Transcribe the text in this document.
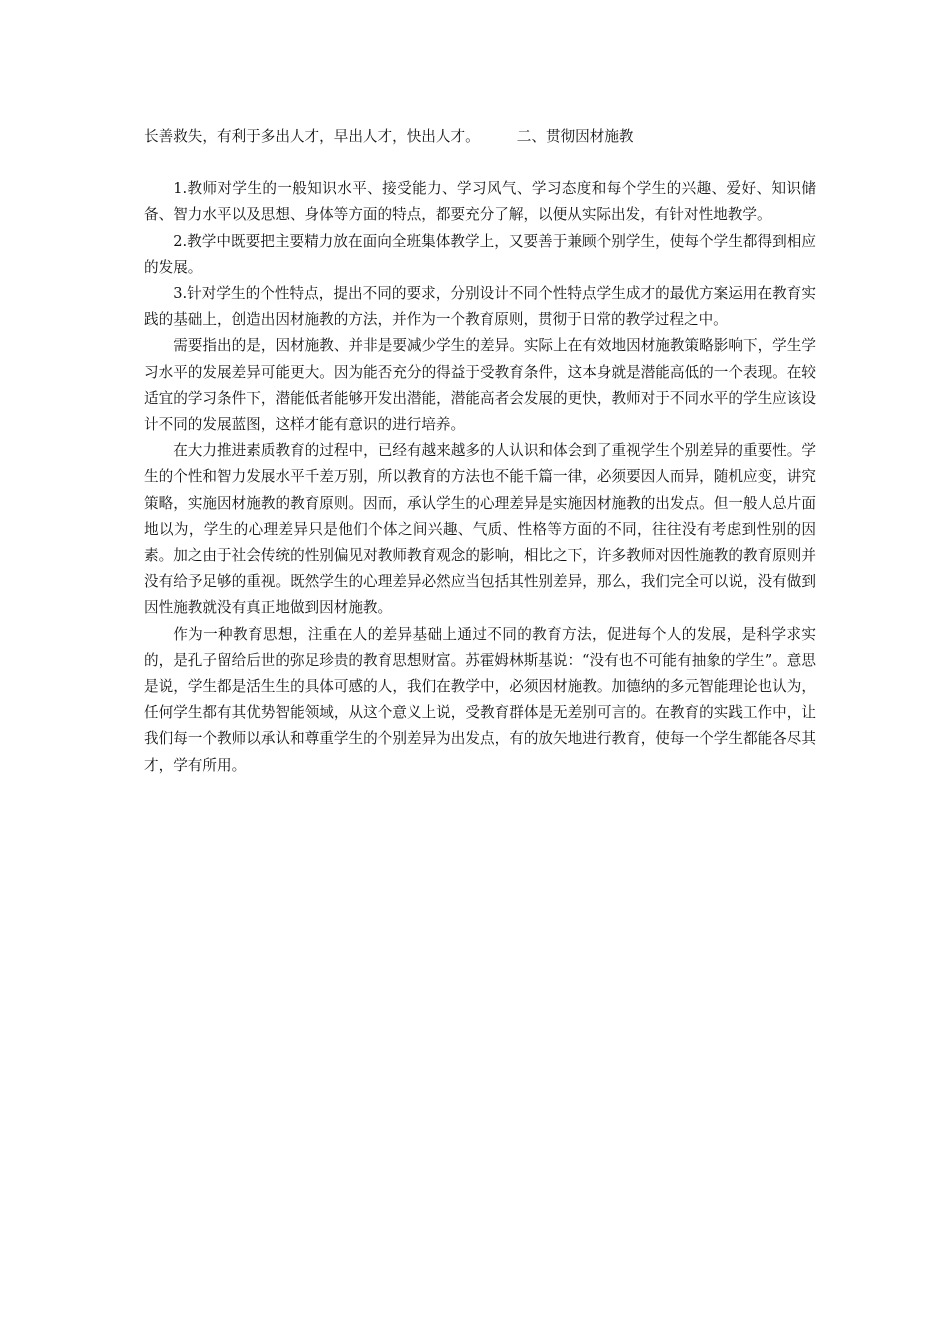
长善救失，有利于多出人才，早出人才，快出人才。        二、贯彻因材施教

1.教师对学生的一般知识水平、接受能力、学习风气、学习态度和每个学生的兴趣、爱好、知识储备、智力水平以及思想、身体等方面的特点，都要充分了解，以便从实际出发，有针对性地教学。

2.教学中既要把主要精力放在面向全班集体教学上，又要善于兼顾个别学生，使每个学生都得到相应的发展。

3.针对学生的个性特点，提出不同的要求，分别设计不同个性特点学生成才的最优方案运用在教育实践的基础上，创造出因材施教的方法，并作为一个教育原则，贯彻于日常的教学过程之中。

需要指出的是，因材施教、并非是要减少学生的差异。实际上在有效地因材施教策略影响下，学生学习水平的发展差异可能更大。因为能否充分的得益于受教育条件，这本身就是潜能高低的一个表现。在较适宜的学习条件下，潜能低者能够开发出潜能，潜能高者会发展的更快，教师对于不同水平的学生应该设计不同的发展蓝图，这样才能有意识的进行培养。

在大力推进素质教育的过程中，已经有越来越多的人认识和体会到了重视学生个别差异的重要性。学生的个性和智力发展水平千差万别，所以教育的方法也不能千篇一律，必须要因人而异，随机应变，讲究策略，实施因材施教的教育原则。因而，承认学生的心理差异是实施因材施教的出发点。但一般人总片面地以为，学生的心理差异只是他们个体之间兴趣、气质、性格等方面的不同，往往没有考虑到性别的因素。加之由于社会传统的性别偏见对教师教育观念的影响，相比之下，许多教师对因性施教的教育原则并没有给予足够的重视。既然学生的心理差异必然应当包括其性别差异，那么，我们完全可以说，没有做到因性施教就没有真正地做到因材施教。

作为一种教育思想，注重在人的差异基础上通过不同的教育方法，促进每个人的发展，是科学求实的，是孔子留给后世的弥足珍贵的教育思想财富。苏霍姆林斯基说：“没有也不可能有抽象的学生”。意思是说，学生都是活生生的具体可感的人，我们在教学中，必须因材施教。加德纳的多元智能理论也认为，任何学生都有其优势智能领域，从这个意义上说，受教育群体是无差别可言的。在教育的实践工作中，让我们每一个教师以承认和尊重学生的个别差异为出发点，有的放矢地进行教育，使每一个学生都能各尽其才，学有所用。
